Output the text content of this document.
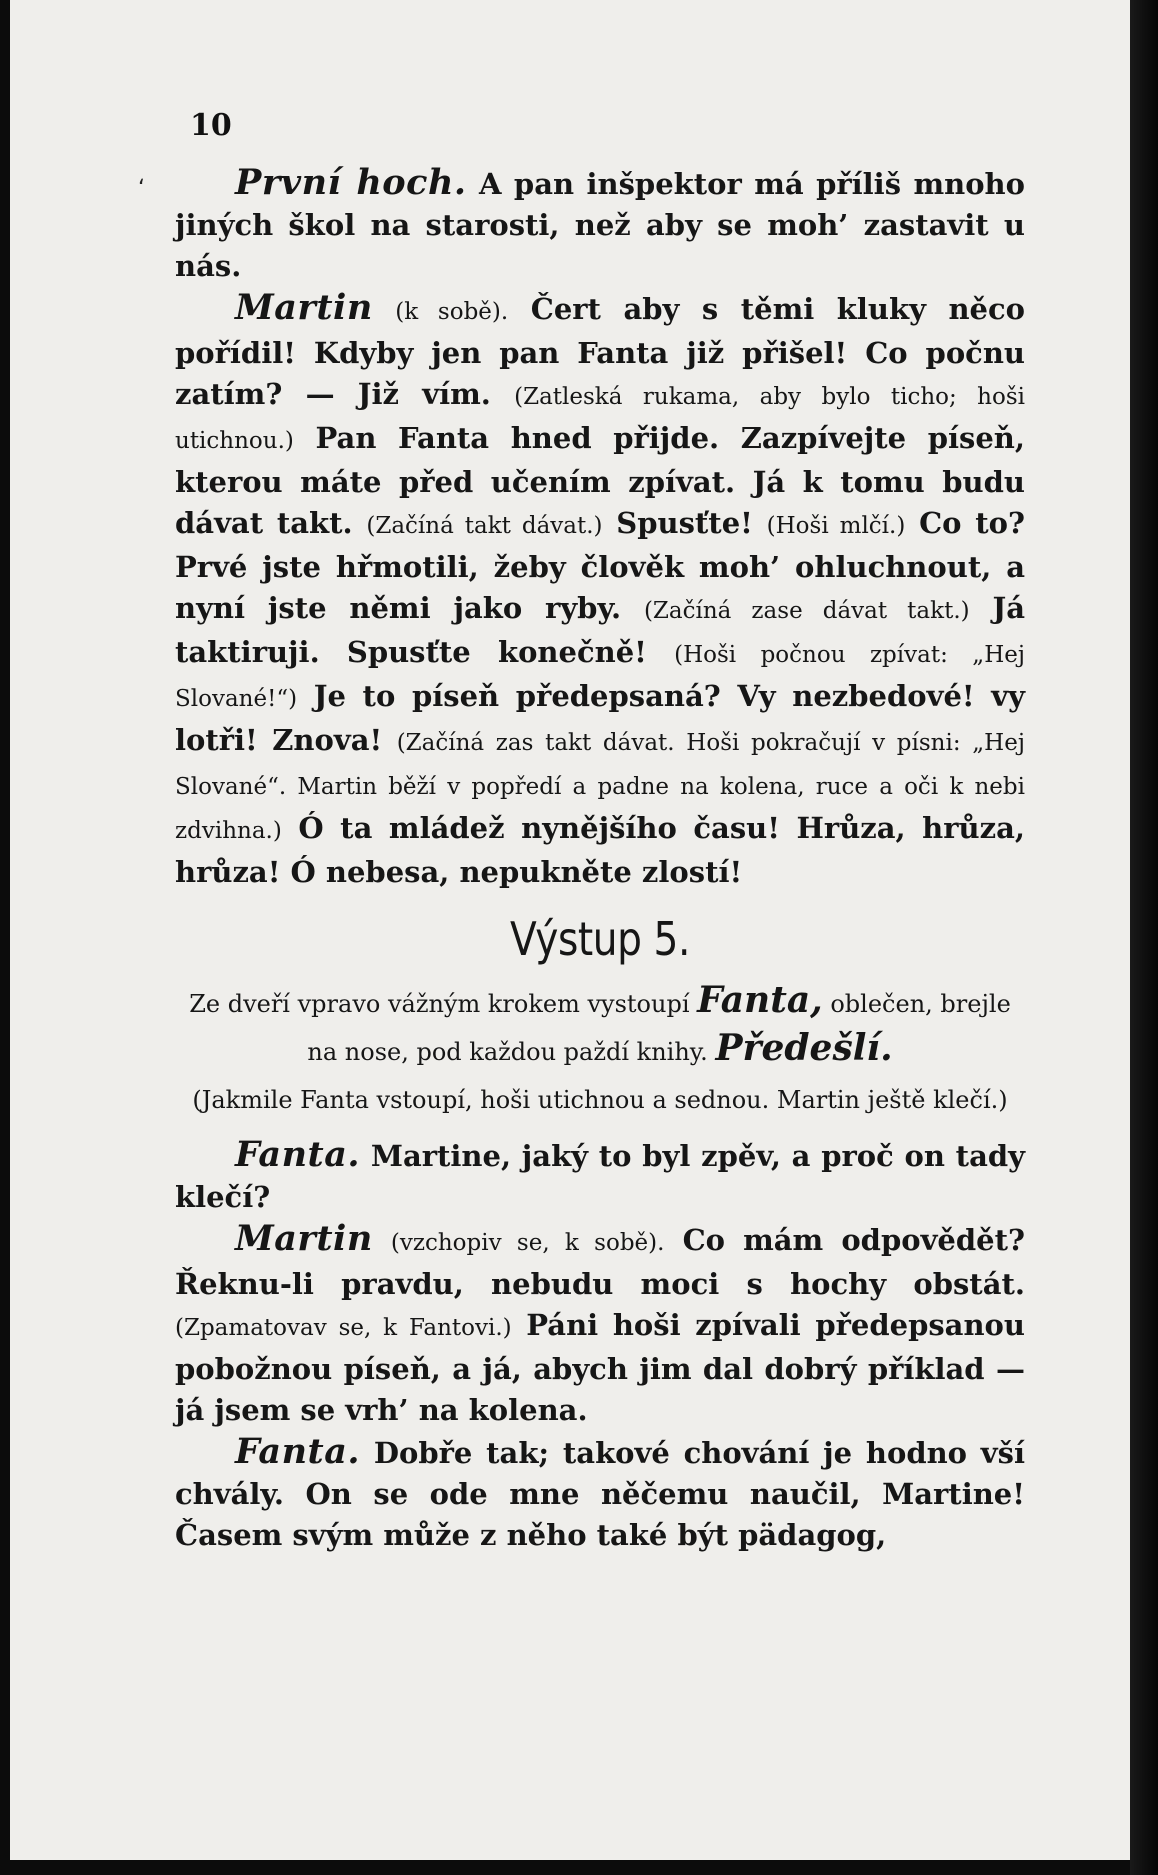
10

První hoch. A pan inšpektor má příliš mnoho jiných škol na starosti, než aby se moh’ zastavit u nás.

Martin (k sobě). Čert aby s těmi kluky něco pořídil! Kdyby jen pan Fanta již přišel! Co počnu zatím? — Již vím. (Zatleská rukama, aby bylo ticho; hoši utichnou.) Pan Fanta hned přijde. Zazpívejte píseň, kterou máte před učením zpívat. Já k tomu budu dávat takt. (Začíná takt dávat.) Spusťte! (Hoši mlčí.) Co to? Prvé jste hřmotili, žeby člověk moh’ ohluchnout, a nyní jste němi jako ryby. (Začíná zase dávat takt.) Já taktiruji. Spusťte konečně! (Hoši počnou zpívat: „Hej Slované!“) Je to píseň předepsaná? Vy nezbedové! vy lotři! Znova! (Začíná zas takt dávat. Hoši pokračují v písni: „Hej Slované“. Martin běží v popředí a padne na kolena, ruce a oči k nebi zdvihna.) Ó ta mládež nynějšího času! Hrůza, hrůza, hrůza! Ó nebesa, nepukněte zlostí!

Výstup 5.

Ze dveří vpravo vážným krokem vystoupí Fanta, oblečen, brejle na nose, pod každou paždí knihy. Předešlí.

(Jakmile Fanta vstoupí, hoši utichnou a sednou. Martin ještě klečí.)

Fanta. Martine, jaký to byl zpěv, a proč on tady klečí?

Martin (vzchopiv se, k sobě). Co mám odpovědět? Řeknu-li pravdu, nebudu moci s hochy obstát. (Zpamatovav se, k Fantovi.) Páni hoši zpívali předepsanou pobožnou píseň, a já, abych jim dal dobrý příklad — já jsem se vrh’ na kolena.

Fanta. Dobře tak; takové chování je hodno vší chvály. On se ode mne něčemu naučil, Martine! Časem svým může z něho také být pädagog,

ʻ
